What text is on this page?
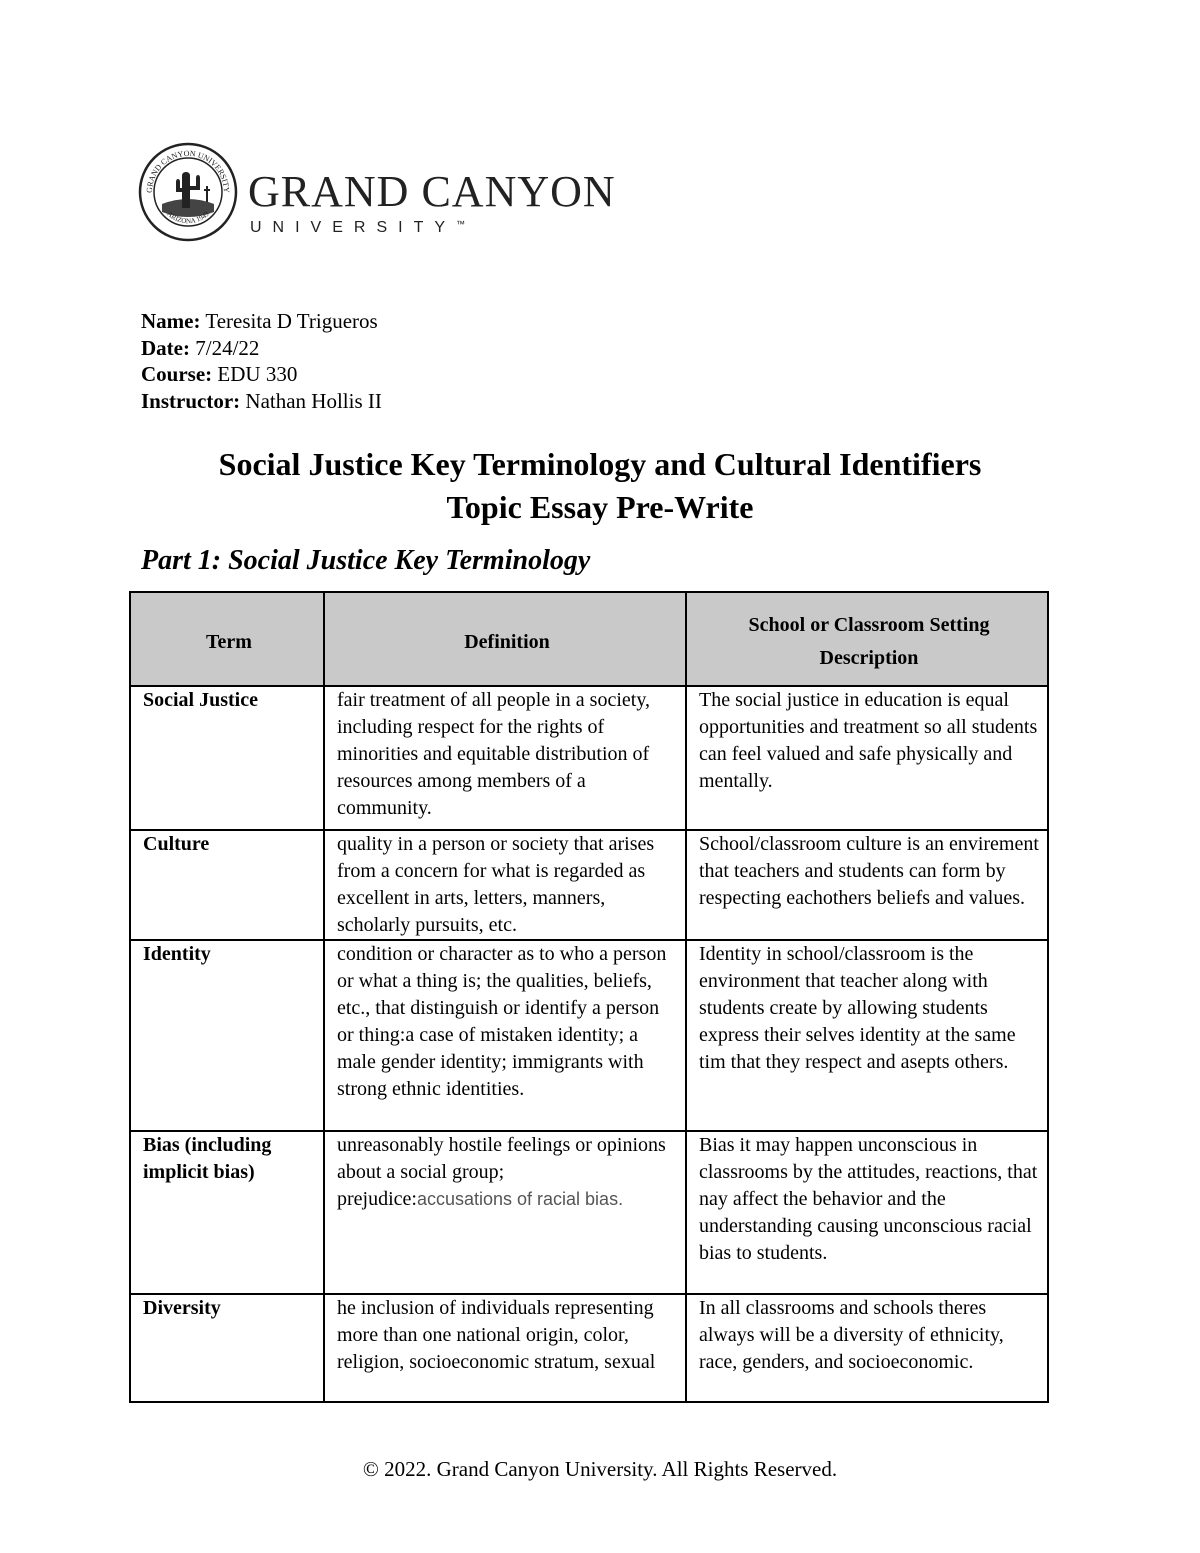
GRAND CANYON UNIVERSITY
ARIZONA 1949 GRAND CANYON
UNIVERSITY™
Name: Teresita D Trigueros
Date: 7/24/22
Course: EDU 330
Instructor: Nathan Hollis II
Social Justice Key Terminology and Cultural Identifiers
Topic Essay Pre-Write
Part 1: Social Justice Key Terminology
Term	Definition	School or Classroom Setting Description
Social Justice	fair treatment of all people in a society, including respect for the rights of minorities and equitable distribution of resources among members of a community.	The social justice in education is equal opportunities and treatment so all students can feel valued and safe physically and mentally.
Culture	quality in a person or society that arises from a concern for what is regarded as excellent in arts, letters, manners, scholarly pursuits, etc.	School/classroom culture is an envirement that teachers and students can form by respecting eachothers beliefs and values.
Identity	condition or character as to who a person or what a thing is; the qualities, beliefs, etc., that distinguish or identify a person or thing:a case of mistaken identity; a male gender identity; immigrants with strong ethnic identities.	Identity in school/classroom is the environment that teacher along with students create by allowing students express their selves identity at the same tim that they respect and asepts others.
Bias (including implicit bias)	unreasonably hostile feelings or opinions about a social group; prejudice:accusations of racial bias.	Bias it may happen unconscious in classrooms by the attitudes, reactions, that nay affect the behavior and the understanding causing unconscious racial bias to students.
Diversity	he inclusion of individuals representing more than one national origin, color, religion, socioeconomic stratum, sexual	In all classrooms and schools theres always will be a diversity of ethnicity, race, genders, and socioeconomic.
© 2022. Grand Canyon University. All Rights Reserved.
